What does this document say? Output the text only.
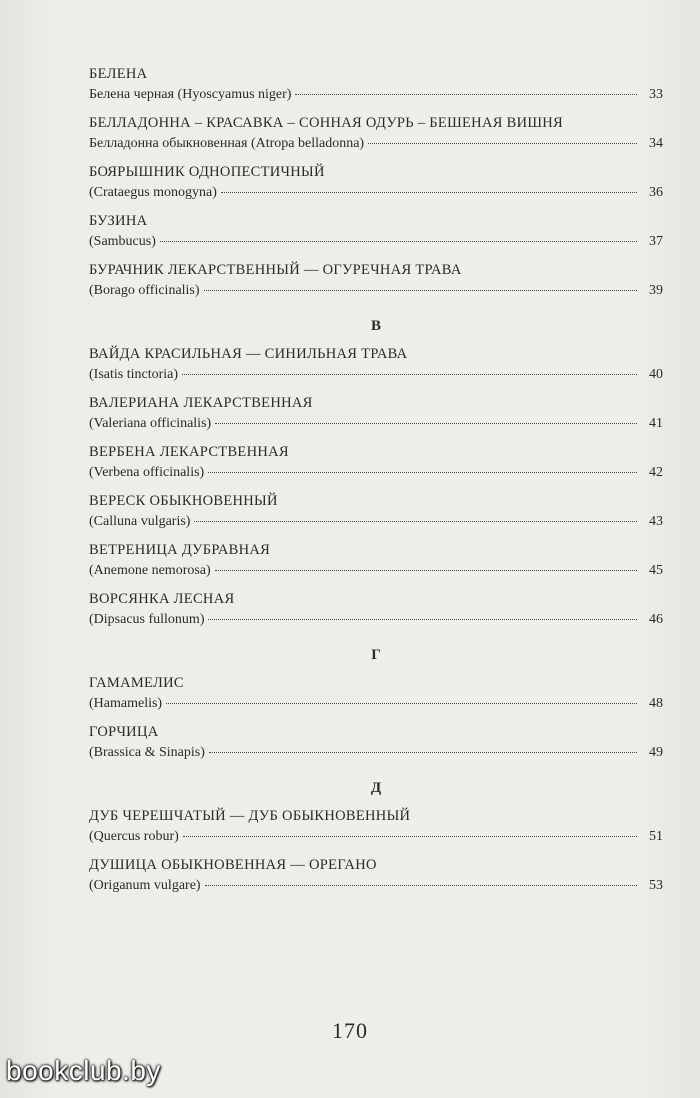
БЕЛЕНА
Белена черная (Hyoscyamus niger)	33
БЕЛЛАДОННА – КРАСАВКА – СОННАЯ ОДУРЬ – БЕШЕНАЯ ВИШНЯ
Белладонна обыкновенная (Atropa belladonna)	34
БОЯРЫШНИК ОДНОПЕСТИЧНЫЙ
(Crataegus monogyna)	36
БУЗИНА
(Sambucus)	37
БУРАЧНИК ЛЕКАРСТВЕННЫЙ — ОГУРЕЧНАЯ ТРАВА
(Borago officinalis)	39
В
ВАЙДА КРАСИЛЬНАЯ — СИНИЛЬНАЯ ТРАВА
(Isatis tinctoria)	40
ВАЛЕРИАНА ЛЕКАРСТВЕННАЯ
(Valeriana officinalis)	41
ВЕРБЕНА ЛЕКАРСТВЕННАЯ
(Verbena officinalis)	42
ВЕРЕСК ОБЫКНОВЕННЫЙ
(Calluna vulgaris)	43
ВЕТРЕНИЦА ДУБРАВНАЯ
(Anemone nemorosa)	45
ВОРСЯНКА ЛЕСНАЯ
(Dipsacus fullonum)	46
Г
ГАМАМЕЛИС
(Hamamelis)	48
ГОРЧИЦА
(Brassica & Sinapis)	49
Д
ДУБ ЧЕРЕШЧАТЫЙ — ДУБ ОБЫКНОВЕННЫЙ
(Quercus robur)	51
ДУШИЦА ОБЫКНОВЕННАЯ — ОРЕГАНО
(Origanum vulgare)	53
170
bookclub.by
